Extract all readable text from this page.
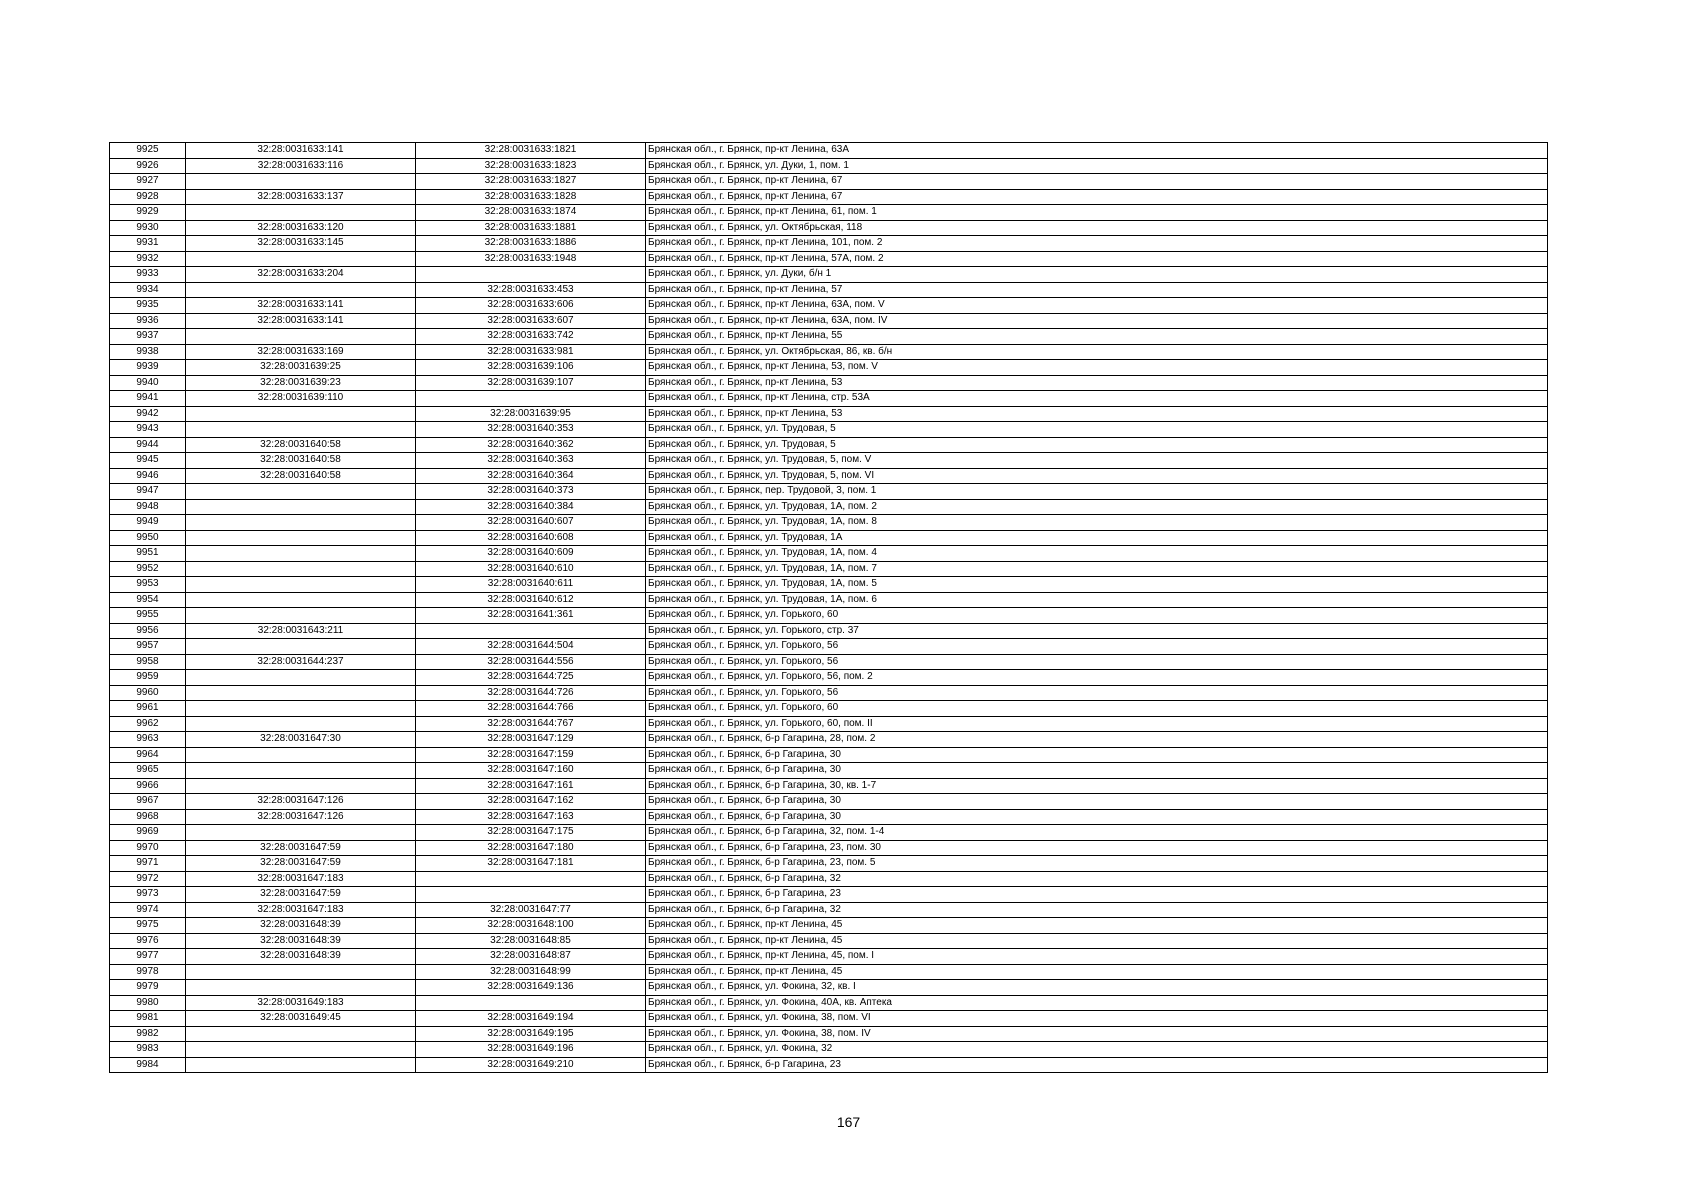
9925	32:28:0031633:141	32:28:0031633:1821	Брянская обл., г. Брянск, пр-кт Ленина, 63А
9926	32:28:0031633:116	32:28:0031633:1823	Брянская обл., г. Брянск, ул. Дуки, 1, пом. 1
9927		32:28:0031633:1827	Брянская обл., г. Брянск, пр-кт Ленина, 67
9928	32:28:0031633:137	32:28:0031633:1828	Брянская обл., г. Брянск, пр-кт Ленина, 67
9929		32:28:0031633:1874	Брянская обл., г. Брянск, пр-кт Ленина, 61, пом. 1
9930	32:28:0031633:120	32:28:0031633:1881	Брянская обл., г. Брянск, ул. Октябрьская, 118
9931	32:28:0031633:145	32:28:0031633:1886	Брянская обл., г. Брянск, пр-кт Ленина, 101, пом. 2
9932		32:28:0031633:1948	Брянская обл., г. Брянск, пр-кт Ленина, 57А, пом. 2
9933	32:28:0031633:204		Брянская обл., г. Брянск, ул. Дуки, б/н 1
9934		32:28:0031633:453	Брянская обл., г. Брянск, пр-кт Ленина, 57
9935	32:28:0031633:141	32:28:0031633:606	Брянская обл., г. Брянск, пр-кт Ленина, 63А, пом. V
9936	32:28:0031633:141	32:28:0031633:607	Брянская обл., г. Брянск, пр-кт Ленина, 63А, пом. IV
9937		32:28:0031633:742	Брянская обл., г. Брянск, пр-кт Ленина, 55
9938	32:28:0031633:169	32:28:0031633:981	Брянская обл., г. Брянск, ул. Октябрьская, 86, кв. б/н
9939	32:28:0031639:25	32:28:0031639:106	Брянская обл., г. Брянск, пр-кт Ленина, 53, пом. V
9940	32:28:0031639:23	32:28:0031639:107	Брянская обл., г. Брянск, пр-кт Ленина, 53
9941	32:28:0031639:110		Брянская обл., г. Брянск, пр-кт Ленина, стр. 53А
9942		32:28:0031639:95	Брянская обл., г. Брянск, пр-кт Ленина, 53
9943		32:28:0031640:353	Брянская обл., г. Брянск, ул. Трудовая, 5
9944	32:28:0031640:58	32:28:0031640:362	Брянская обл., г. Брянск, ул. Трудовая, 5
9945	32:28:0031640:58	32:28:0031640:363	Брянская обл., г. Брянск, ул. Трудовая, 5, пом. V
9946	32:28:0031640:58	32:28:0031640:364	Брянская обл., г. Брянск, ул. Трудовая, 5, пом. VI
9947		32:28:0031640:373	Брянская обл., г. Брянск, пер. Трудовой, 3, пом. 1
9948		32:28:0031640:384	Брянская обл., г. Брянск, ул. Трудовая, 1А, пом. 2
9949		32:28:0031640:607	Брянская обл., г. Брянск, ул. Трудовая, 1А, пом. 8
9950		32:28:0031640:608	Брянская обл., г. Брянск, ул. Трудовая, 1А
9951		32:28:0031640:609	Брянская обл., г. Брянск, ул. Трудовая, 1А, пом. 4
9952		32:28:0031640:610	Брянская обл., г. Брянск, ул. Трудовая, 1А, пом. 7
9953		32:28:0031640:611	Брянская обл., г. Брянск, ул. Трудовая, 1А, пом. 5
9954		32:28:0031640:612	Брянская обл., г. Брянск, ул. Трудовая, 1А, пом. 6
9955		32:28:0031641:361	Брянская обл., г. Брянск, ул. Горького, 60
9956	32:28:0031643:211		Брянская обл., г. Брянск, ул. Горького, стр. 37
9957		32:28:0031644:504	Брянская обл., г. Брянск, ул. Горького, 56
9958	32:28:0031644:237	32:28:0031644:556	Брянская обл., г. Брянск, ул. Горького, 56
9959		32:28:0031644:725	Брянская обл., г. Брянск, ул. Горького, 56, пом. 2
9960		32:28:0031644:726	Брянская обл., г. Брянск, ул. Горького, 56
9961		32:28:0031644:766	Брянская обл., г. Брянск, ул. Горького, 60
9962		32:28:0031644:767	Брянская обл., г. Брянск, ул. Горького, 60, пом. II
9963	32:28:0031647:30	32:28:0031647:129	Брянская обл., г. Брянск, б-р Гагарина, 28, пом. 2
9964		32:28:0031647:159	Брянская обл., г. Брянск, б-р Гагарина, 30
9965		32:28:0031647:160	Брянская обл., г. Брянск, б-р Гагарина, 30
9966		32:28:0031647:161	Брянская обл., г. Брянск, б-р Гагарина, 30, кв. 1-7
9967	32:28:0031647:126	32:28:0031647:162	Брянская обл., г. Брянск, б-р Гагарина, 30
9968	32:28:0031647:126	32:28:0031647:163	Брянская обл., г. Брянск, б-р Гагарина, 30
9969		32:28:0031647:175	Брянская обл., г. Брянск, б-р Гагарина, 32, пом. 1-4
9970	32:28:0031647:59	32:28:0031647:180	Брянская обл., г. Брянск, б-р Гагарина, 23, пом. 30
9971	32:28:0031647:59	32:28:0031647:181	Брянская обл., г. Брянск, б-р Гагарина, 23, пом. 5
9972	32:28:0031647:183		Брянская обл., г. Брянск, б-р Гагарина, 32
9973	32:28:0031647:59		Брянская обл., г. Брянск, б-р Гагарина, 23
9974	32:28:0031647:183	32:28:0031647:77	Брянская обл., г. Брянск, б-р Гагарина, 32
9975	32:28:0031648:39	32:28:0031648:100	Брянская обл., г. Брянск, пр-кт Ленина, 45
9976	32:28:0031648:39	32:28:0031648:85	Брянская обл., г. Брянск, пр-кт Ленина, 45
9977	32:28:0031648:39	32:28:0031648:87	Брянская обл., г. Брянск, пр-кт Ленина, 45, пом. I
9978		32:28:0031648:99	Брянская обл., г. Брянск, пр-кт Ленина, 45
9979		32:28:0031649:136	Брянская обл., г. Брянск, ул. Фокина, 32, кв. I
9980	32:28:0031649:183		Брянская обл., г. Брянск, ул. Фокина, 40А, кв. Аптека
9981	32:28:0031649:45	32:28:0031649:194	Брянская обл., г. Брянск, ул. Фокина, 38, пом. VI
9982		32:28:0031649:195	Брянская обл., г. Брянск, ул. Фокина, 38, пом. IV
9983		32:28:0031649:196	Брянская обл., г. Брянск, ул. Фокина, 32
9984		32:28:0031649:210	Брянская обл., г. Брянск, б-р Гагарина, 23
167
